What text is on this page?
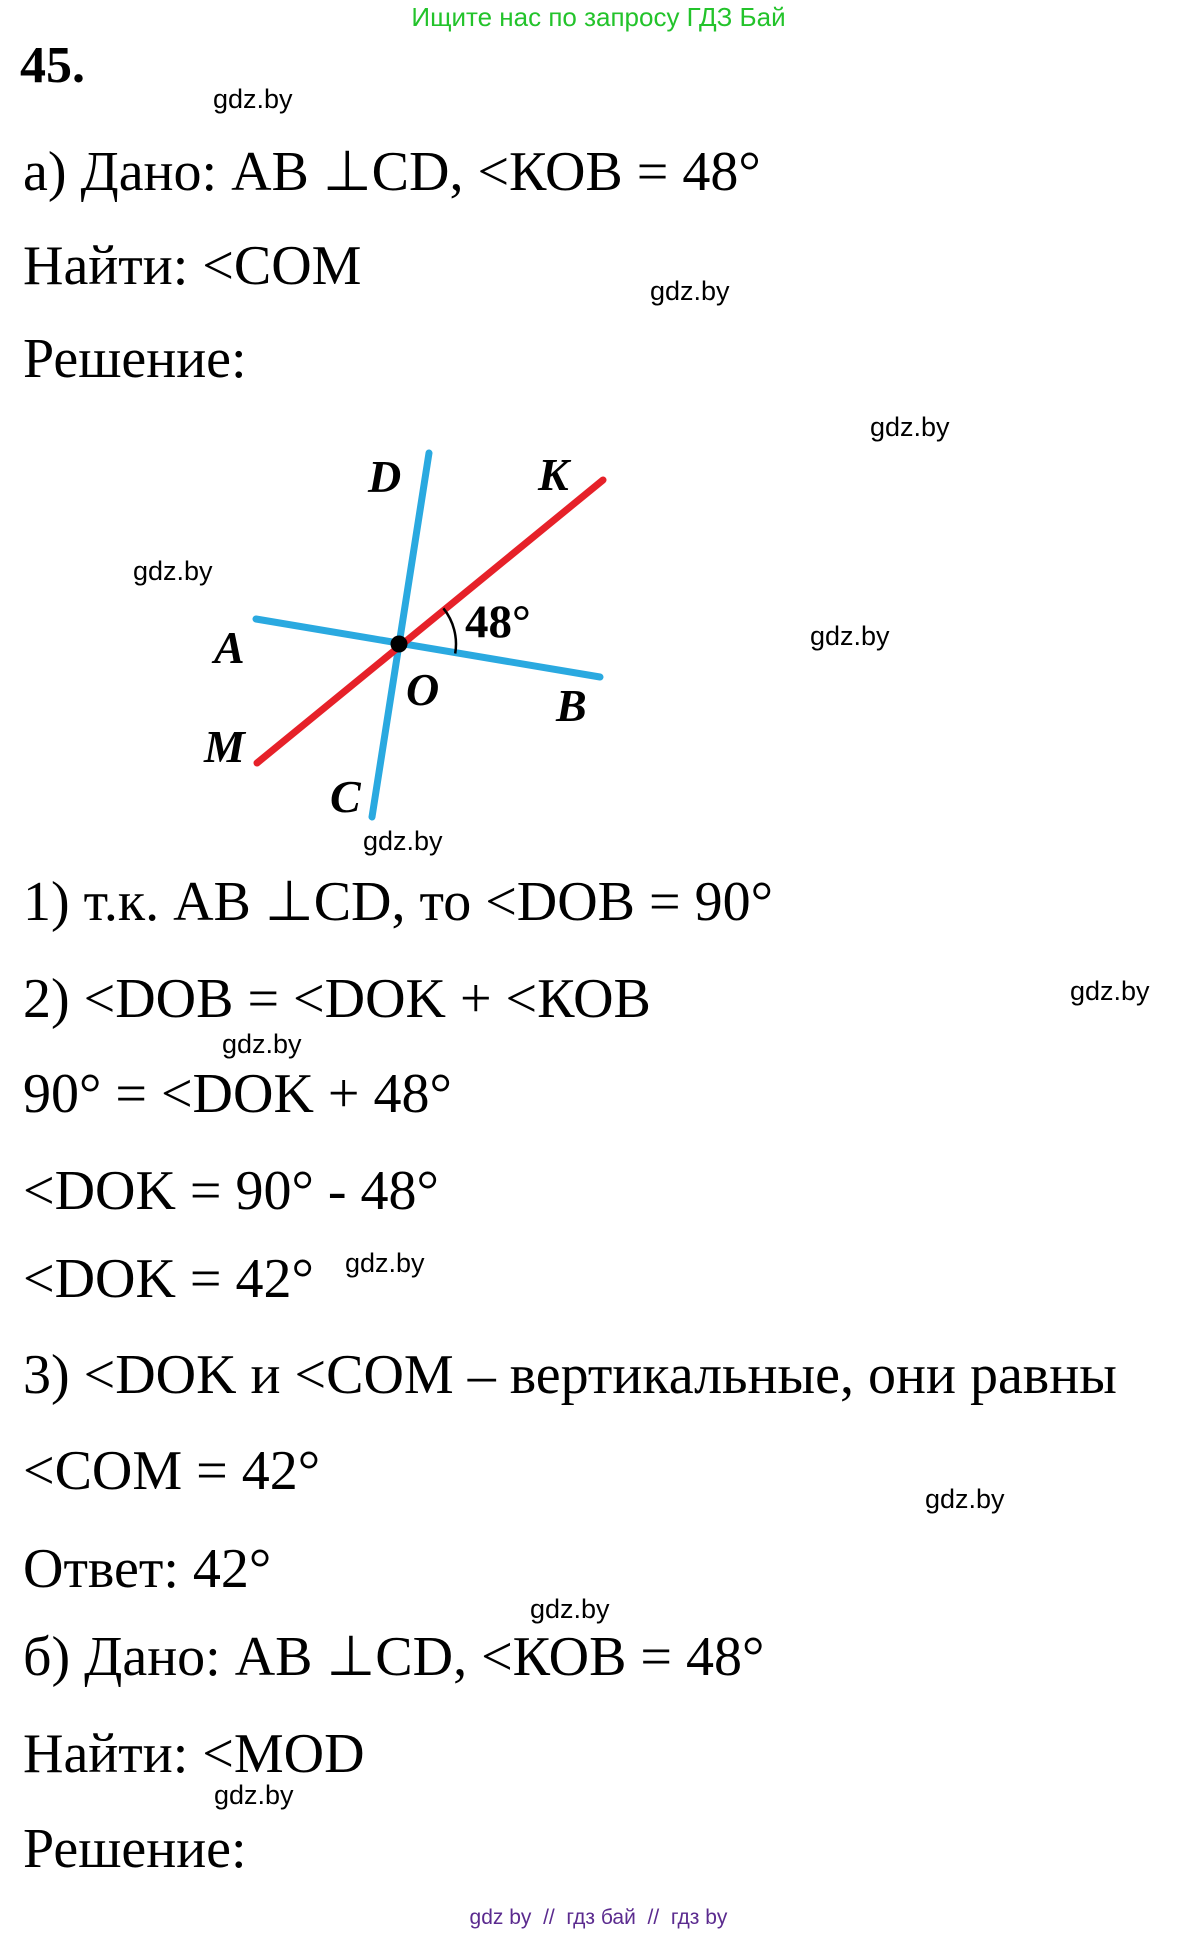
Ищите нас по запросу ГДЗ Бай
45.
gdz.by
gdz.by
gdz.by
gdz.by
gdz.by
gdz.by
gdz.by
gdz.by
gdz.by
gdz.by
gdz.by
gdz.by
а) Дано: АВ ⊥CD, <КОВ = 48°
Найти: <СОМ
Решение:
D	K
A
O	B
M
C
48°
1) т.к. АВ ⊥CD, то <DOB = 90°
2) <DOB = <DOK + <КОВ
90° = <DOK + 48°
<DOK = 90° - 48°
<DOK = 42°
3) <DOK и <СОМ – вертикальные, они равны
<СОМ = 42°
Ответ: 42°
б) Дано: АВ ⊥CD, <КОВ = 48°
Найти: <MOD
Решение:
gdz by  //  гдз бай  //  гдз by
